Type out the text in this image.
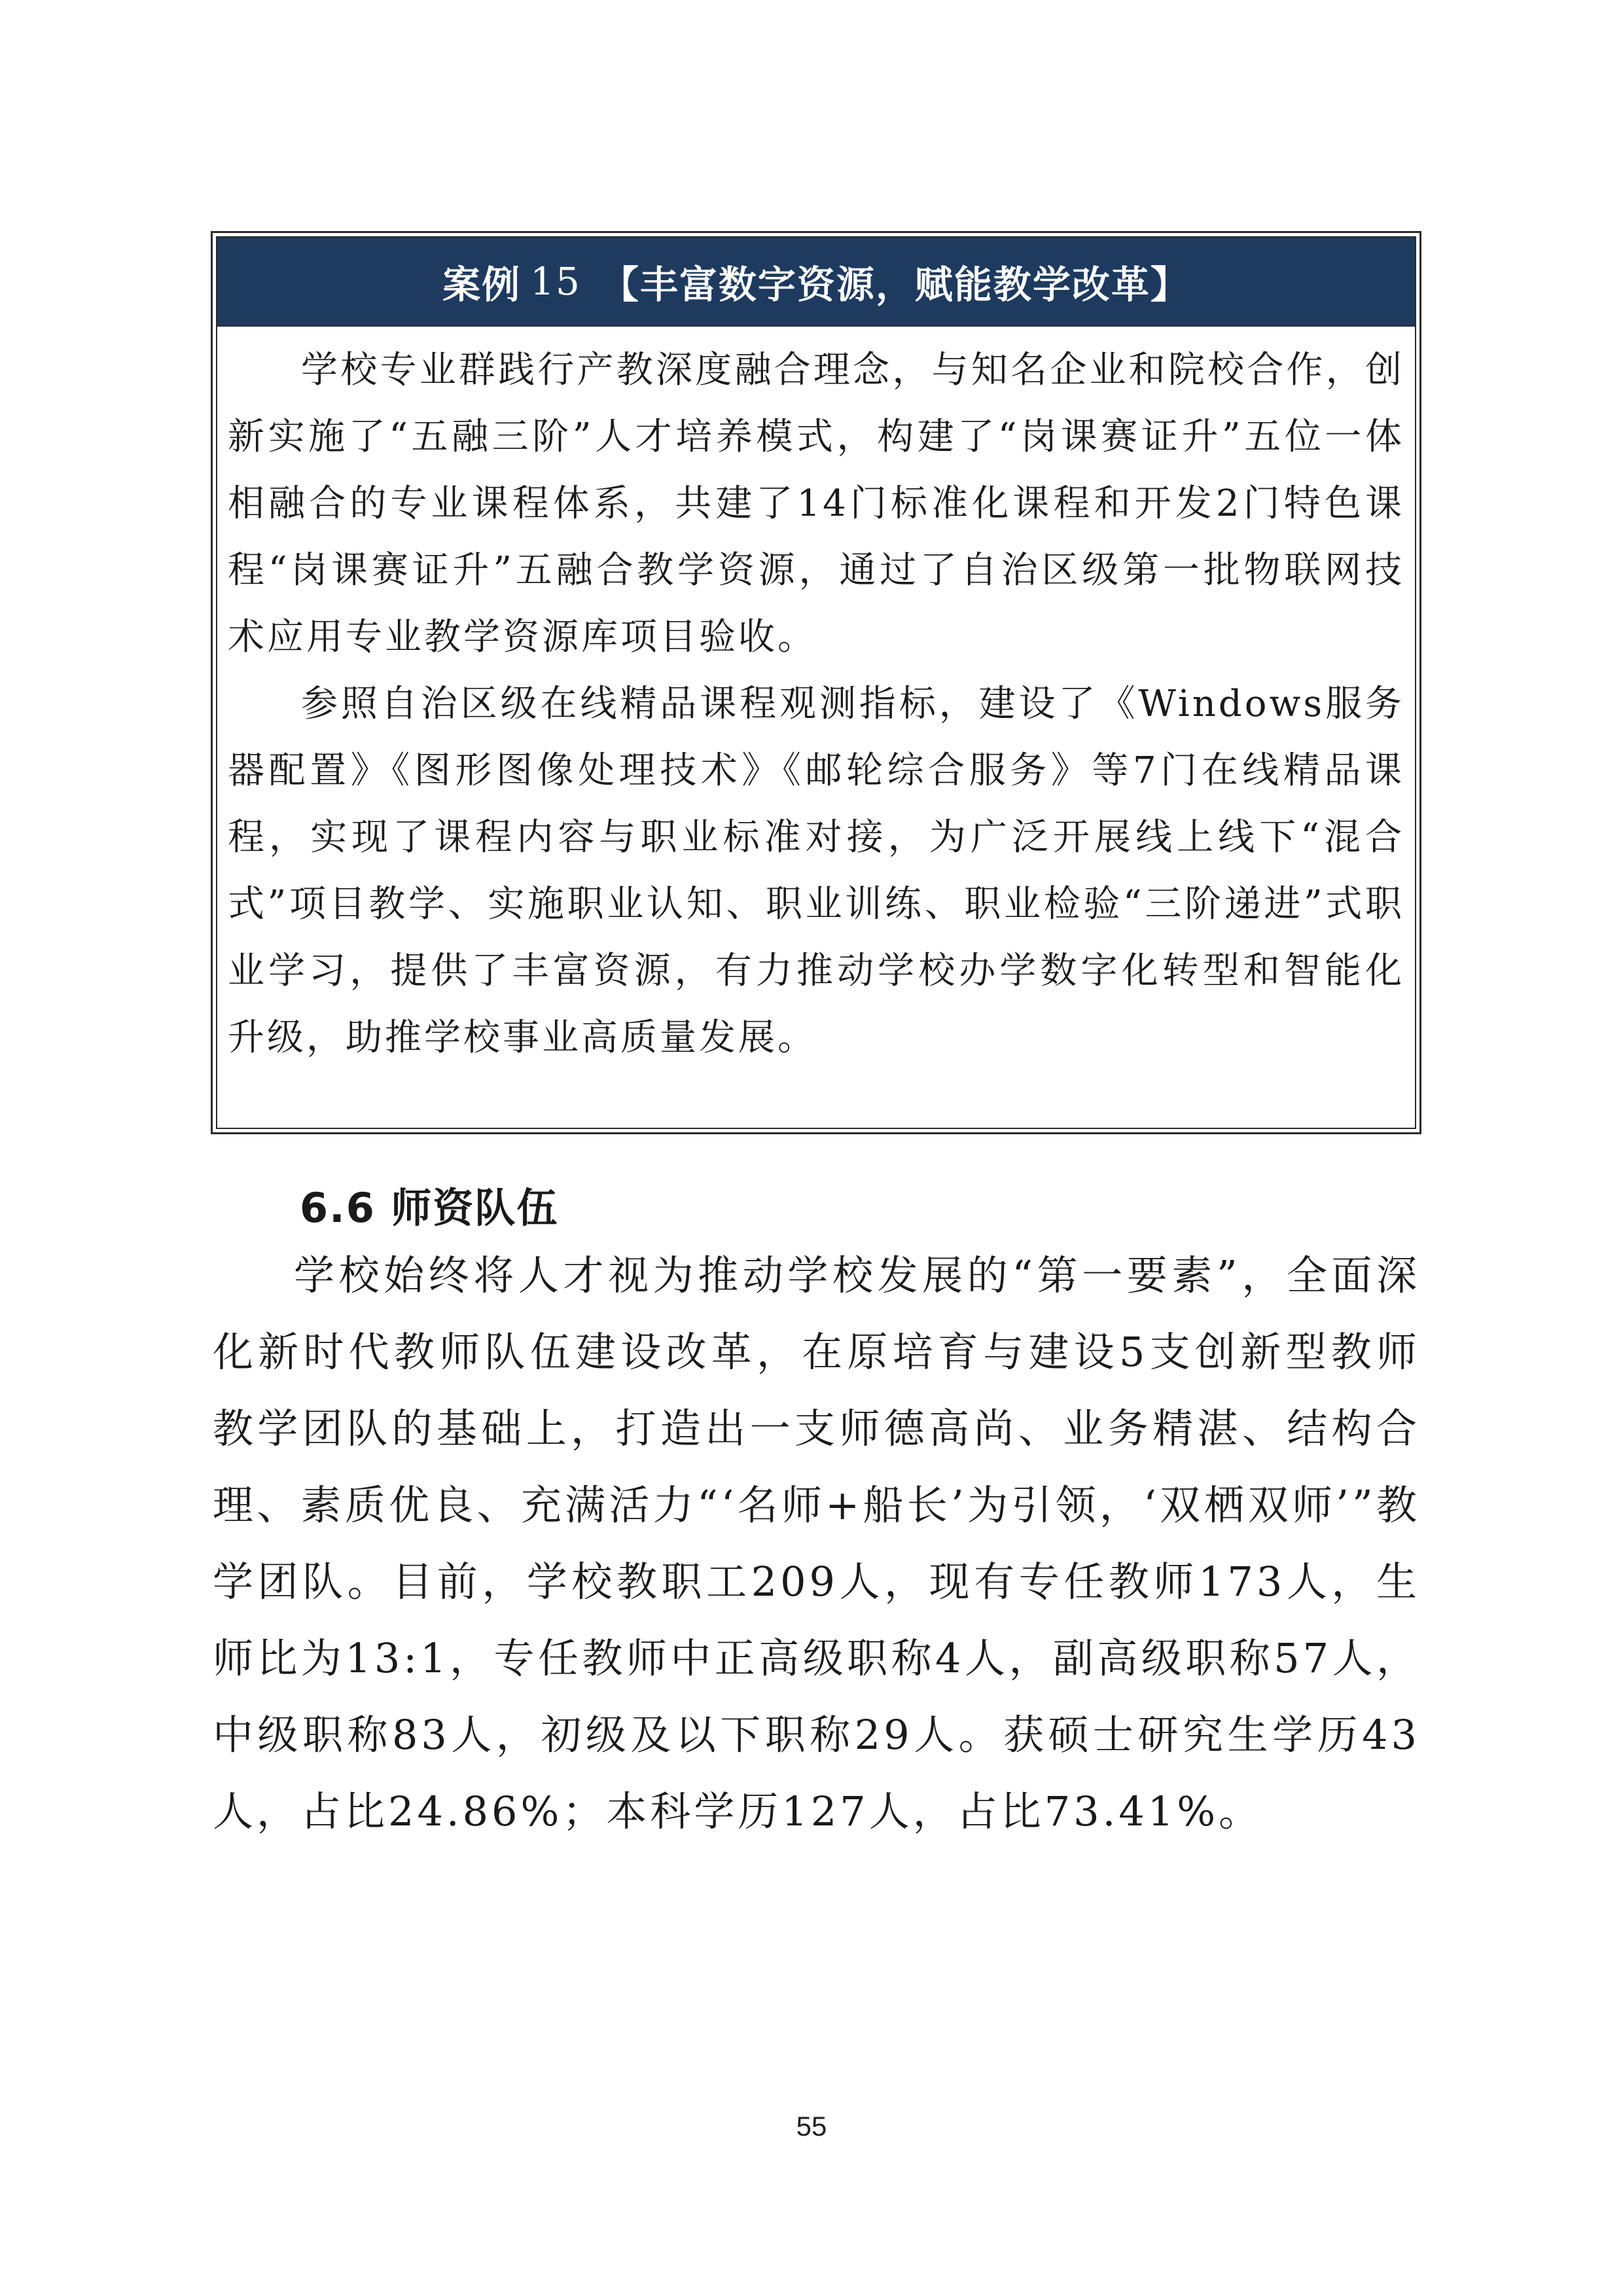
案例 15 【丰富数字资源，赋能教学改革】

学校专业群践行产教深度融合理念，与知名企业和院校合作，创新实施了“五融三阶”人才培养模式，构建了“岗课赛证升”五位一体相融合的专业课程体系，共建了14门标准化课程和开发2门特色课程“岗课赛证升”五融合教学资源，通过了自治区级第一批物联网技术应用专业教学资源库项目验收。

参照自治区级在线精品课程观测指标，建设了《Windows服务器配置》《图形图像处理技术》《邮轮综合服务》等7门在线精品课程，实现了课程内容与职业标准对接，为广泛开展线上线下“混合式”项目教学、实施职业认知、职业训练、职业检验“三阶递进”式职业学习，提供了丰富资源，有力推动学校办学数字化转型和智能化升级，助推学校事业高质量发展。

6.6 师资队伍

学校始终将人才视为推动学校发展的“第一要素”，全面深化新时代教师队伍建设改革，在原培育与建设5支创新型教师教学团队的基础上，打造出一支师德高尚、业务精湛、结构合理、素质优良、充满活力“‘名师+船长’为引领，‘双栖双师’”教学团队。目前，学校教职工209人，现有专任教师173人，生师比为13:1，专任教师中正高级职称4人，副高级职称57人，中级职称83人，初级及以下职称29人。获硕士研究生学历43人，占比24.86%；本科学历127人，占比73.41%。

55
